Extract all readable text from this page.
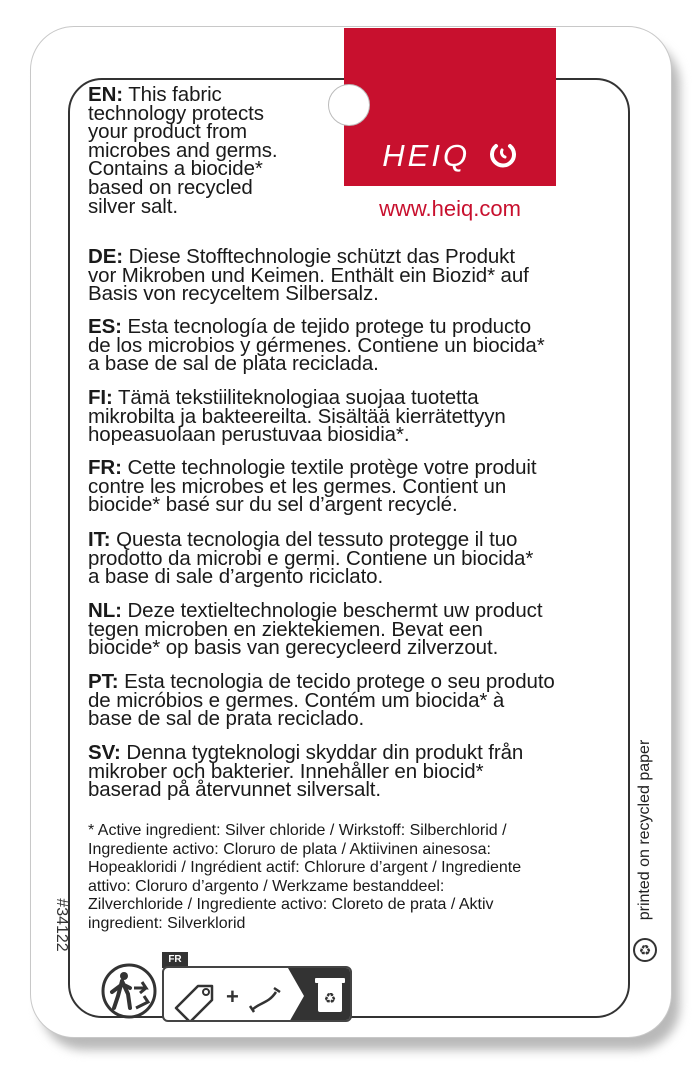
HEIQ
www.heiq.com
EN: This fabric
technology protects
your product from
microbes and germs.
Contains a biocide*
based on recycled
silver salt.
DE: Diese Stofftechnologie schützt das Produkt
vor Mikroben und Keimen. Enthält ein Biozid* auf
Basis von recyceltem Silbersalz.
ES: Esta tecnología de tejido protege tu producto
de los microbios y gérmenes. Contiene un biocida*
a base de sal de plata reciclada.
FI: Tämä tekstiiliteknologiaa suojaa tuotetta
mikrobilta ja bakteereilta. Sisältää kierrätettyyn
hopeasuolaan perustuvaa biosidia*.
FR: Cette technologie textile protège votre produit
contre les microbes et les germes. Contient un
biocide* basé sur du sel d’argent recyclé.
IT: Questa tecnologia del tessuto protegge il tuo
prodotto da microbi e germi. Contiene un biocida*
a base di sale d’argento riciclato.
NL: Deze textieltechnologie beschermt uw product
tegen microben en ziektekiemen. Bevat een
biocide* op basis van gerecycleerd zilverzout.
PT: Esta tecnologia de tecido protege o seu produto
de micróbios e germes. Contém um biocida* à
base de sal de prata reciclado.
SV: Denna tygteknologi skyddar din produkt från
mikrober och bakterier. Innehåller en biocid*
baserad på återvunnet silversalt.
* Active ingredient: Silver chloride / Wirkstoff: Silberchlorid /
Ingrediente activo: Cloruro de plata / Aktiivinen ainesosa:
Hopeakloridi / Ingrédient actif: Chlorure d’argent / Ingrediente
attivo: Cloruro d’argento / Werkzame bestanddeel:
Zilverchloride / Ingrediente activo: Cloreto de prata / Aktiv
ingredient: Silverklorid
#34122
printed on recycled paper
♻
FR
+	♻
